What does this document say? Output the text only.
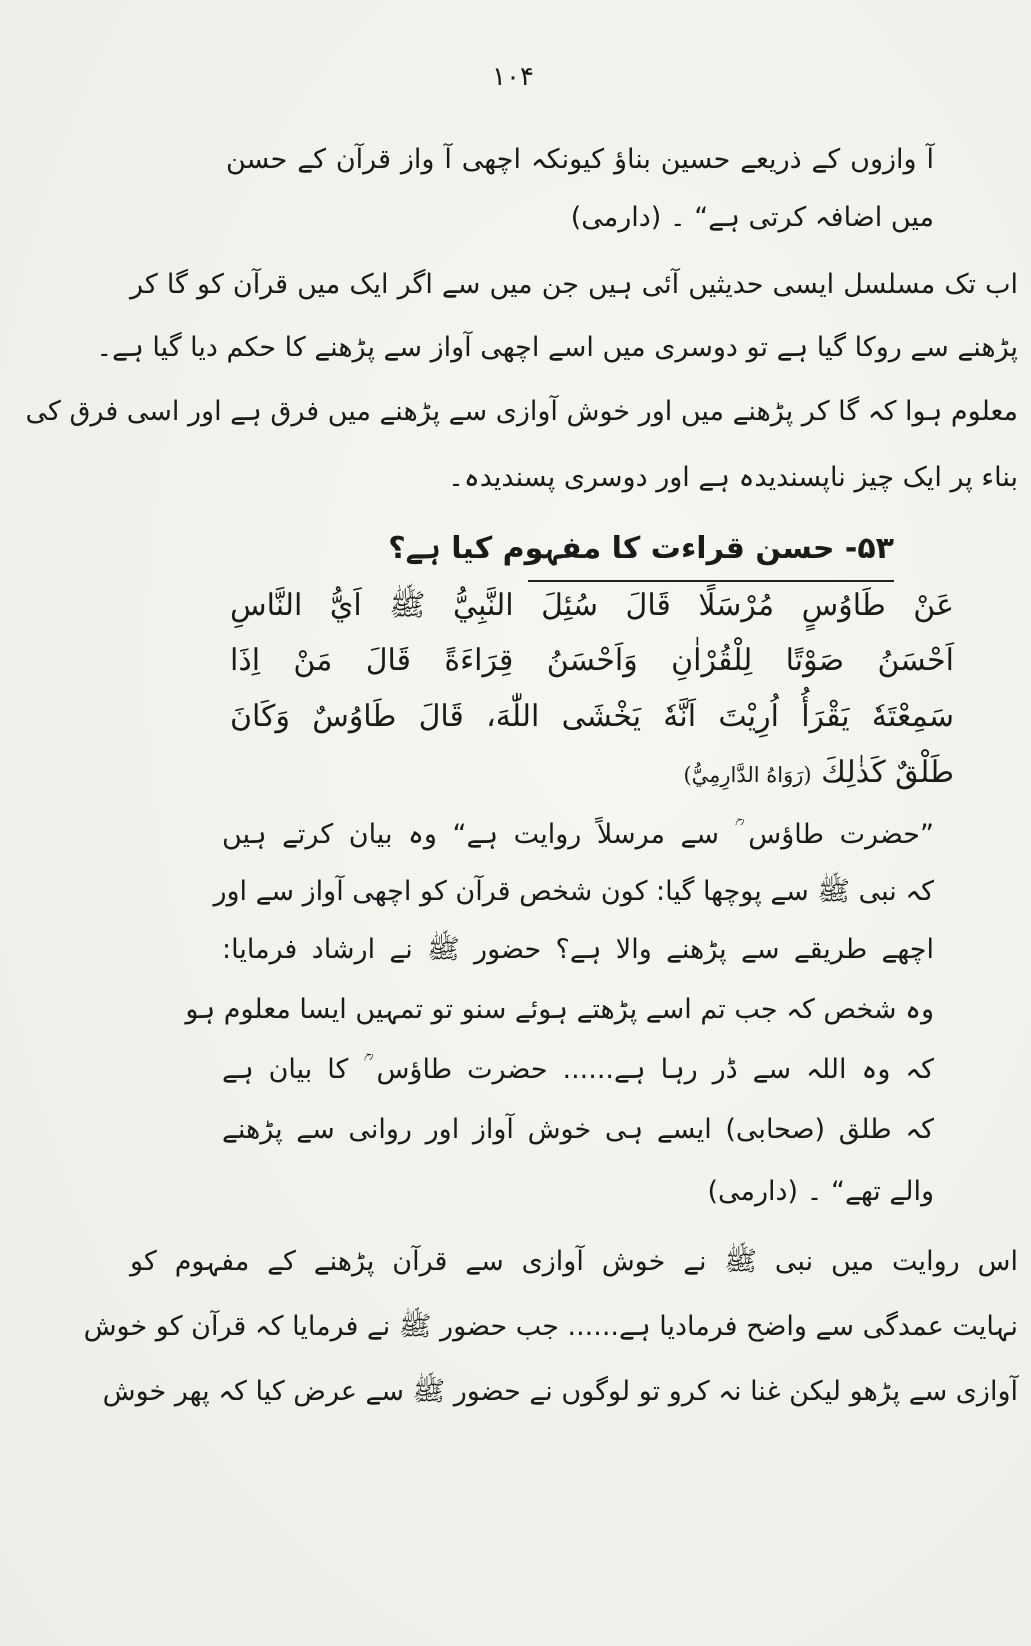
۱۰۴
آ وازوں کے ذریعے حسین بناؤ کیونکہ اچھی آ واز قرآن کے حسن
میں اضافہ کرتی ہے“ ۔ (دارمی)
اب تک مسلسل ایسی حدیثیں آئی ہیں جن میں سے اگر ایک میں قرآن کو گا کر
پڑھنے سے روکا گیا ہے تو دوسری میں اسے اچھی آواز سے پڑھنے کا حکم دیا گیا ہے۔
معلوم ہوا کہ گا کر پڑھنے میں اور خوش آوازی سے پڑھنے میں فرق ہے اور اسی فرق کی
بناء پر ایک چیز ناپسندیدہ ہے اور دوسری پسندیدہ۔
۵۳- حسن قراءت کا مفہوم کیا ہے؟
عَنْ طَاوُسٍ مُرْسَلًا قَالَ سُئِلَ النَّبِيُّ ﷺ اَيُّ النَّاسِ
اَحْسَنُ صَوْتًا لِلْقُرْاٰنِ وَاَحْسَنُ قِرَاءَةً قَالَ مَنْ اِذَا
سَمِعْتَهٗ يَقْرَأُ اُرِيْتَ اَنَّهٗ يَخْشَى اللّٰهَ، قَالَ طَاوُسٌ وَكَانَ
طَلْقٌ كَذٰلِكَ (رَوَاهُ الدَّارِمِيُّ)
”حضرت طاؤس ؒ سے مرسلاً روایت ہے“ وہ بیان کرتے ہیں
کہ نبی ﷺ سے پوچھا گیا: کون شخص قرآن کو اچھی آواز سے اور
اچھے طریقے سے پڑھنے والا ہے؟ حضور ﷺ نے ارشاد فرمایا:
وہ شخص کہ جب تم اسے پڑھتے ہوئے سنو تو تمہیں ایسا معلوم ہو
کہ وہ اللہ سے ڈر رہا ہے...... حضرت طاؤس ؒ کا بیان ہے
کہ طلق (صحابی) ایسے ہی خوش آواز اور روانی سے پڑھنے
والے تھے“ ۔ (دارمی)
اس روایت میں نبی ﷺ نے خوش آوازی سے قرآن پڑھنے کے مفہوم کو
نہایت عمدگی سے واضح فرمادیا ہے...... جب حضور ﷺ نے فرمایا کہ قرآن کو خوش
آوازی سے پڑھو لیکن غنا نہ کرو تو لوگوں نے حضور ﷺ سے عرض کیا کہ پھر خوش
